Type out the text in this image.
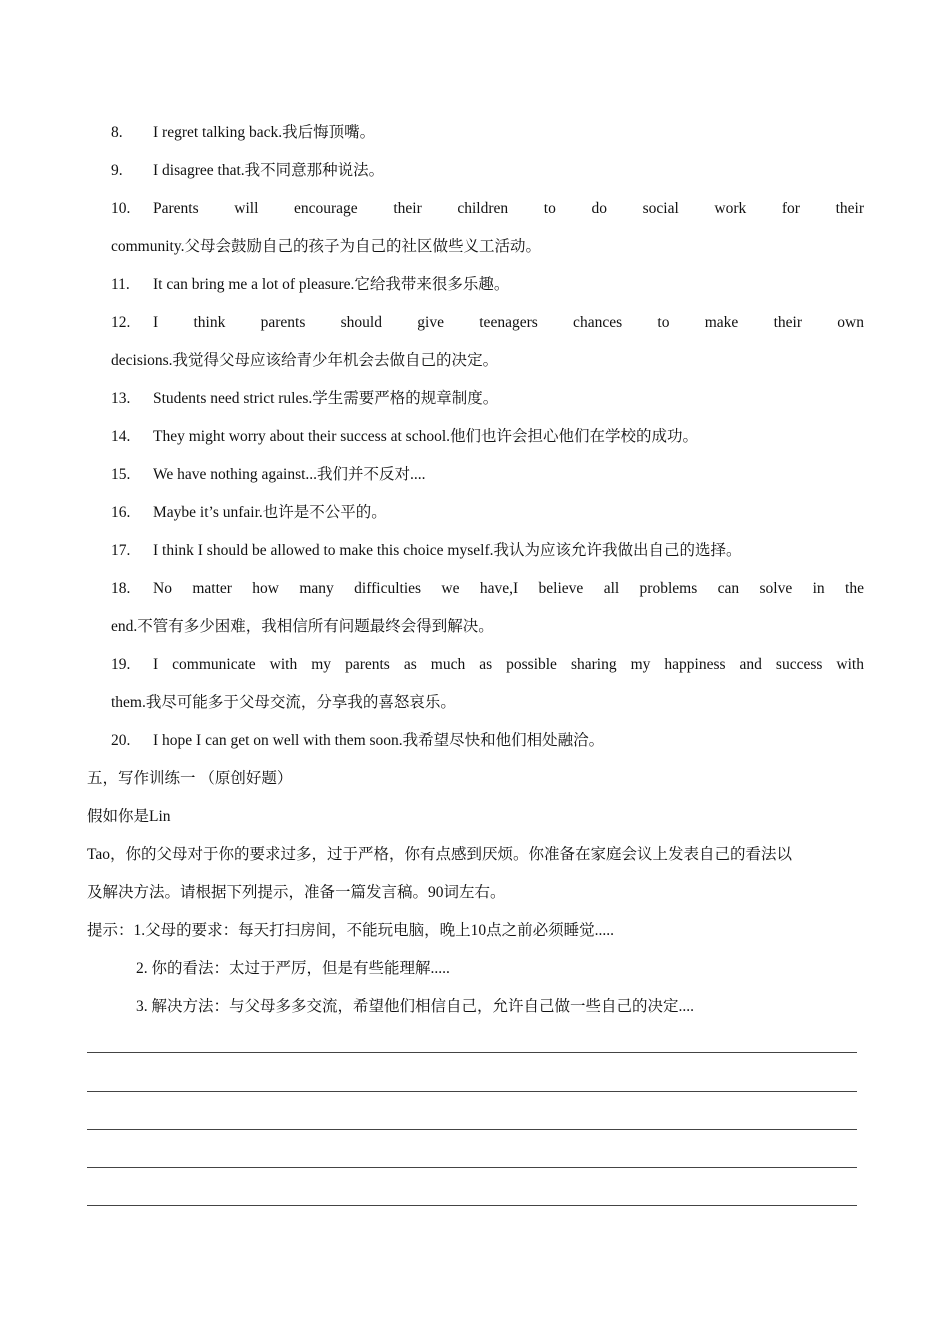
8. I regret talking back.我后悔顶嘴。
9. I disagree that.我不同意那种说法。
10. Parents will encourage their children to do social work for their
community.父母会鼓励自己的孩子为自己的社区做些义工活动。
11. It can bring me a lot of pleasure.它给我带来很多乐趣。
12. I think parents should give teenagers chances to make their own
decisions.我觉得父母应该给青少年机会去做自己的决定。
13. Students need strict rules.学生需要严格的规章制度。
14. They might worry about their success at school.他们也许会担心他们在学校的成功。
15. We have nothing against...我们并不反对....
16. Maybe it’s unfair.也许是不公平的。
17. I think I should be allowed to make this choice myself.我认为应该允许我做出自己的选择。
18. No matter how many difficulties we have,I believe all problems can solve in the
end.不管有多少困难，我相信所有问题最终会得到解决。
19. I communicate with my parents as much as possible sharing my happiness and success with
them.我尽可能多于父母交流，分享我的喜怒哀乐。
20. I hope I can get on well with them soon.我希望尽快和他们相处融洽。
五，写作训练一 （原创好题）
假如你是Lin
Tao，你的父母对于你的要求过多，过于严格，你有点感到厌烦。你准备在家庭会议上发表自己的看法以
及解决方法。请根据下列提示，准备一篇发言稿。90词左右。
提示：1.父母的要求：每天打扫房间，不能玩电脑，晚上10点之前必须睡觉.....
2. 你的看法：太过于严厉，但是有些能理解.....
3. 解决方法：与父母多多交流，希望他们相信自己，允许自己做一些自己的决定....
